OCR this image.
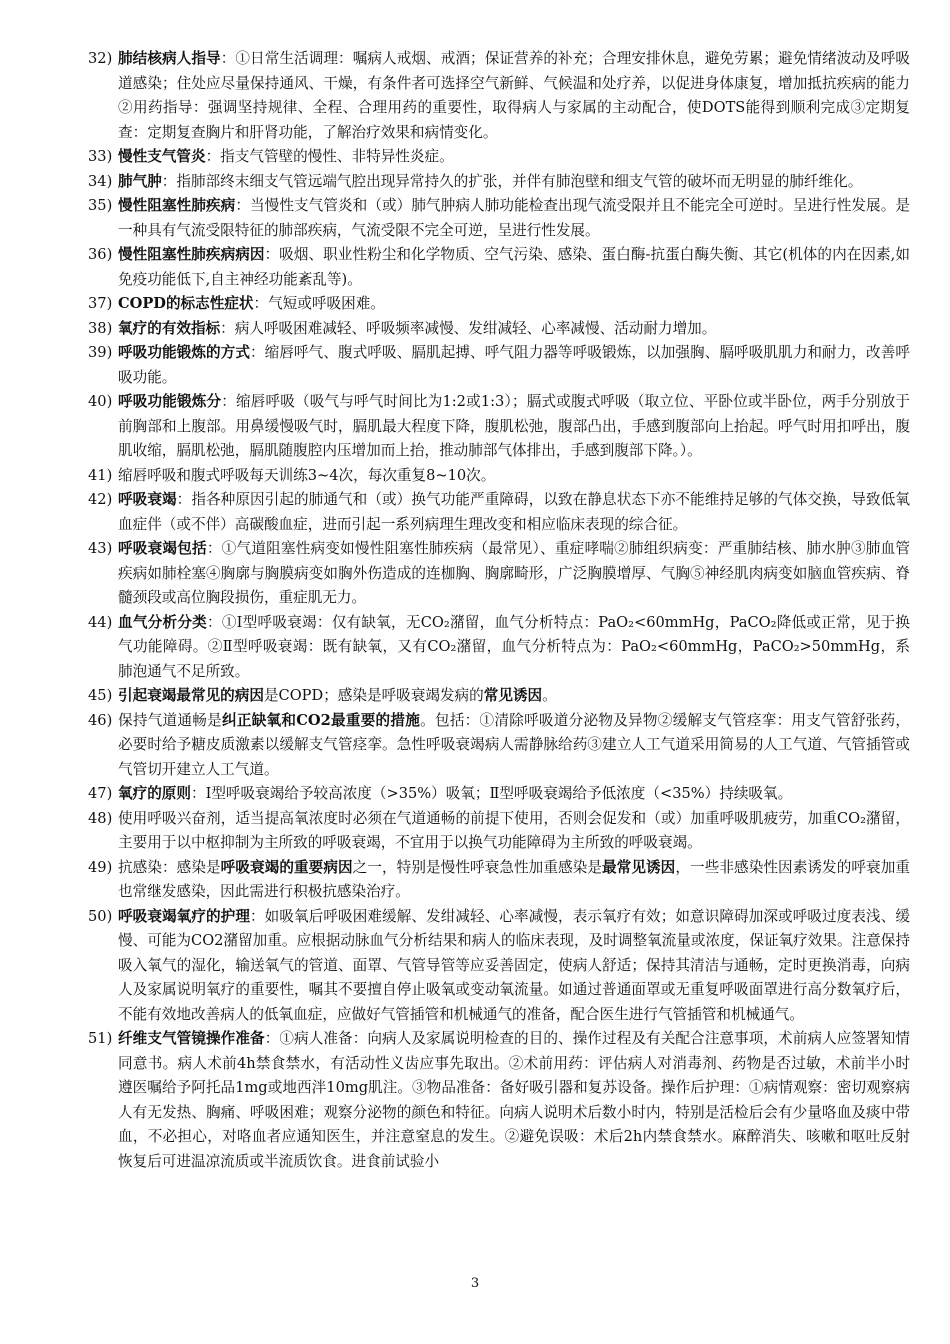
32) 肺结核病人指导：①日常生活调理：嘱病人戒烟、戒酒；保证营养的补充；合理安排休息，避免劳累；避免情绪波动及呼吸道感染；住处应尽量保持通风、干燥，有条件者可选择空气新鲜、气候温和处疗养，以促进身体康复，增加抵抗疾病的能力②用药指导：强调坚持规律、全程、合理用药的重要性，取得病人与家属的主动配合，使DOTS能得到顺利完成③定期复查：定期复查胸片和肝肾功能，了解治疗效果和病情变化。
33) 慢性支气管炎：指支气管壁的慢性、非特异性炎症。
34) 肺气肿：指肺部终末细支气管远端气腔出现异常持久的扩张，并伴有肺泡壁和细支气管的破坏而无明显的肺纤维化。
35) 慢性阻塞性肺疾病：当慢性支气管炎和（或）肺气肿病人肺功能检查出现气流受限并且不能完全可逆时。呈进行性发展。是一种具有气流受限特征的肺部疾病，气流受限不完全可逆，呈进行性发展。
36) 慢性阻塞性肺疾病病因：吸烟、职业性粉尘和化学物质、空气污染、感染、蛋白酶-抗蛋白酶失衡、其它(机体的内在因素,如免疫功能低下,自主神经功能紊乱等)。
37) COPD的标志性症状：气短或呼吸困难。
38) 氧疗的有效指标：病人呼吸困难减轻、呼吸频率减慢、发绀减轻、心率减慢、活动耐力增加。
39) 呼吸功能锻炼的方式：缩唇呼气、腹式呼吸、膈肌起搏、呼气阻力器等呼吸锻炼，以加强胸、膈呼吸肌肌力和耐力，改善呼吸功能。
40) 呼吸功能锻炼分：缩唇呼吸（吸气与呼气时间比为1:2或1:3）；膈式或腹式呼吸（取立位、平卧位或半卧位，两手分别放于前胸部和上腹部。用鼻缓慢吸气时，膈肌最大程度下降，腹肌松弛，腹部凸出，手感到腹部向上抬起。呼气时用扣呼出，腹肌收缩，膈肌松弛，膈肌随腹腔内压增加而上抬，推动肺部气体排出，手感到腹部下降。）。
41) 缩唇呼吸和腹式呼吸每天训练3~4次，每次重复8~10次。
42) 呼吸衰竭：指各种原因引起的肺通气和（或）换气功能严重障碍，以致在静息状态下亦不能维持足够的气体交换，导致低氧血症伴（或不伴）高碳酸血症，进而引起一系列病理生理改变和相应临床表现的综合征。
43) 呼吸衰竭包括：①气道阻塞性病变如慢性阻塞性肺疾病（最常见）、重症哮喘②肺组织病变：严重肺结核、肺水肿③肺血管疾病如肺栓塞④胸廓与胸膜病变如胸外伤造成的连枷胸、胸廓畸形，广泛胸膜增厚、气胸⑤神经肌肉病变如脑血管疾病、脊髓颈段或高位胸段损伤，重症肌无力。
44) 血气分析分类：①Ⅰ型呼吸衰竭：仅有缺氧，无CO₂潴留，血气分析特点：PaO₂<60mmHg，PaCO₂降低或正常，见于换气功能障碍。②Ⅱ型呼吸衰竭：既有缺氧，又有CO₂潴留，血气分析特点为：PaO₂<60mmHg，PaCO₂>50mmHg，系肺泡通气不足所致。
45) 引起衰竭最常见的病因是COPD；感染是呼吸衰竭发病的常见诱因。
46) 保持气道通畅是纠正缺氧和CO2最重要的措施。包括：①清除呼吸道分泌物及异物②缓解支气管痉挛：用支气管舒张药，必要时给予糖皮质激素以缓解支气管痉挛。急性呼吸衰竭病人需静脉给药③建立人工气道采用简易的人工气道、气管插管或气管切开建立人工气道。
47) 氧疗的原则：Ⅰ型呼吸衰竭给予较高浓度（>35%）吸氧；Ⅱ型呼吸衰竭给予低浓度（<35%）持续吸氧。
48) 使用呼吸兴奋剂，适当提高氧浓度时必须在气道通畅的前提下使用，否则会促发和（或）加重呼吸肌疲劳，加重CO₂潴留，主要用于以中枢抑制为主所致的呼吸衰竭，不宜用于以换气功能障碍为主所致的呼吸衰竭。
49) 抗感染：感染是呼吸衰竭的重要病因之一，特别是慢性呼衰急性加重感染是最常见诱因，一些非感染性因素诱发的呼衰加重也常继发感染，因此需进行积极抗感染治疗。
50) 呼吸衰竭氧疗的护理：如吸氧后呼吸困难缓解、发绀减轻、心率减慢，表示氧疗有效；如意识障碍加深或呼吸过度表浅、缓慢、可能为CO2潴留加重。应根据动脉血气分析结果和病人的临床表现，及时调整氧流量或浓度，保证氧疗效果。注意保持吸入氧气的湿化，输送氧气的管道、面罩、气管导管等应妥善固定，使病人舒适；保持其清洁与通畅，定时更换消毒，向病人及家属说明氧疗的重要性，嘱其不要擅自停止吸氧或变动氧流量。如通过普通面罩或无重复呼吸面罩进行高分数氧疗后，不能有效地改善病人的低氧血症，应做好气管插管和机械通气的准备，配合医生进行气管插管和机械通气。
51) 纤维支气管镜操作准备：①病人准备：向病人及家属说明检查的目的、操作过程及有关配合注意事项，术前病人应签署知情同意书。病人术前4h禁食禁水，有活动性义齿应事先取出。②术前用药：评估病人对消毒剂、药物是否过敏，术前半小时遵医嘱给予阿托品1mg或地西泮10mg肌注。③物品准备：备好吸引器和复苏设备。操作后护理：①病情观察：密切观察病人有无发热、胸痛、呼吸困难；观察分泌物的颜色和特征。向病人说明术后数小时内，特别是活检后会有少量咯血及痰中带血，不必担心，对咯血者应通知医生，并注意窒息的发生。②避免误吸：术后2h内禁食禁水。麻醉消失、咳嗽和呕吐反射恢复后可进温凉流质或半流质饮食。进食前试验小
3
